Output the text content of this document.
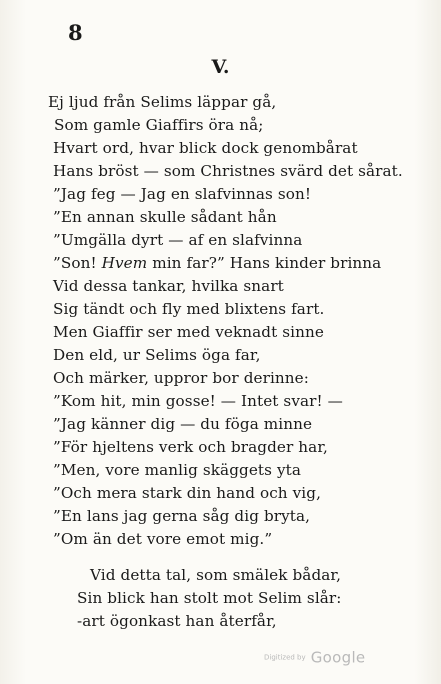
8
V.
Ej ljud från Selims läppar gå,
Som gamle Giaffirs öra nå;
Hvart ord, hvar blick dock genombårat
Hans bröst — som Christnes svärd det sårat.
”Jag feg — Jag en slafvinnas son!
”En annan skulle sådant hån
”Umgälla dyrt — af en slafvinna
”Son! Hvem min far?” Hans kinder brinna
Vid dessa tankar, hvilka snart
Sig tändt och fly med blixtens fart.
Men Giaffir ser med veknadt sinne
Den eld, ur Selims öga far,
Och märker, uppror bor derinne:
”Kom hit, min gosse! — Intet svar! —
”Jag känner dig — du föga minne
”För hjeltens verk och bragder har,
”Men, vore manlig skäggets yta
”Och mera stark din hand och vig,
”En lans jag gerna såg dig bryta,
”Om än det vore emot mig.”
Vid detta tal, som smälek bådar,
Sin blick han stolt mot Selim slår:
-art ögonkast han återfår,
Digitized by Google
